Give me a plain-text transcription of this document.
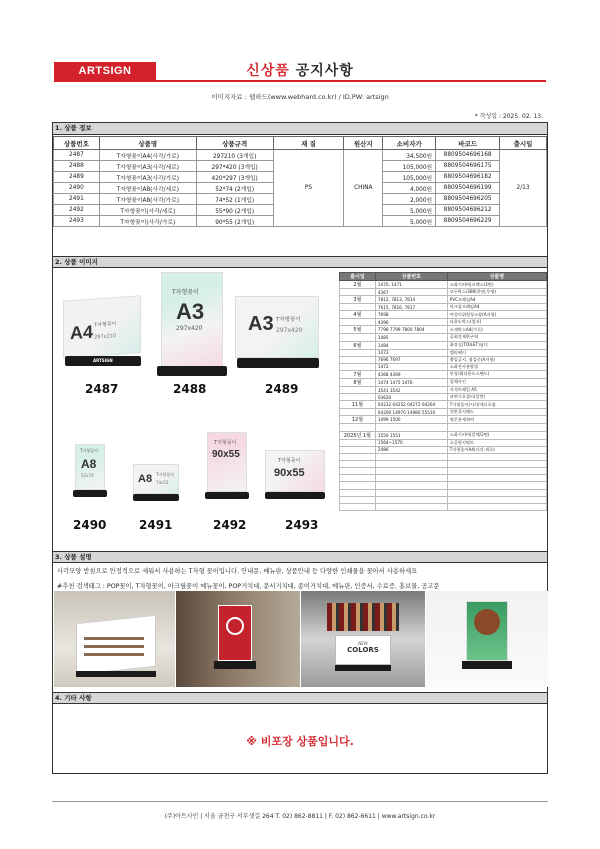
ARTSIGN	신상품 공지사항
이미지자료 : 웹하드(www.webhard.co.kr) / ID,PW: artsign
* 작성일 : 2025. 02. 13.
1. 상품 정보
상품번호	상품명	상품규격	재 질	원산지	소비자가	바코드	출시일
2487	T자형꽂이A4(사각/가로)	297210 (3개입)	PS	CHINA	34,500원	8809504696168	2/13
2488	T자형꽂이A3(사각/세로)	297*420 (3개입)			105,000원	8809504696175	
2489	T자형꽂이A3(사각/가로)	420*297 (3개입)			105,000원	8809504696182	
2490	T자형꽂이A8(사각/세로)	52*74 (2개입)			4,000원	8809504696199	
2491	T자형꽂이A8(사각/가로)	74*52 (1개입)			2,000원	8809504696205	
2492	T자형꽂이(사각/세로)	55*90 (2개입)			5,000원	8809504696212	
2493	T자형꽂이(사각/가로)	90*55 (2개입)			5,000원	8809504696229	
2. 상품 이미지
A4 T자형꽂이
297x210
ARTSIGN
2487
T자형꽂이
A3
297x420
2488
A3 T자형꽂이
297x420
2489
T자형꽂이
A8
52x74
2490
A8 T자형꽂이
74x52
2491
T자형꽂이
90x55
2492
T자형꽂이
90x55
2493
출시일	상품번호	상품명
2월	1470, 1471	소화기커버(포맥스/2면)
	4367	모든박스/380(한면,투명)
3월	7812, 7813, 7814	PVC프레임A4
	7615, 7816, 7817	아크릴프레임A4
4월	7698	여성이위원청소함(A자형)
	4396	다용도박스(열쇠)
5월	7798 7799 7800 7804	소재박스A4(가독)
	1485	공회전제한구역
6월	1484	화장실(TOILET)남녀
	1473	엘리베이
	7696 7697	출입금지, 점검중(A자형)
	1472	소화전사용방법
7월	4368 4369	안경대(다용도스탠드)
8월	1474 1475 1476	입체사인
	3541 3542	자석트레일 A5
	03620	파변기호접이(알반)
11월	04232 04252 04272 04264	T자형꽂이(사각/세로포함
	04200 14970 14980 55510	친환경지패드
12월	1499 1500	명문용세척여

2025년 1월	1550 1551	소화기커버(알체/2면)
	1564~1570	소공원지명토
	2486	T자형꽂이A4(사각,세로)

3. 상품 설명
사각모양 받침으로 안정적으로 세워서 사용하는 T자형 꽂이입니다. 안내문, 메뉴판, 상품안내 등 다양한 인쇄물을 꽂아서 사용하세요
#추천 검색태그 : POP꽂이, T자형꽂이, 아크릴꽂이 메뉴꽂이, POP거치대, 문서거치대, 종이거치대, 메뉴판, 인증서, 수료증, 홍보물, 공고문
NEW
COLORS
4. 기타 사항
※ 비포장 상품입니다.
(주)아트사인 | 서울 금천구 서부샛길 264 T. 02) 862-8811 | F. 02) 862-6611 | www.artsign.co.kr
